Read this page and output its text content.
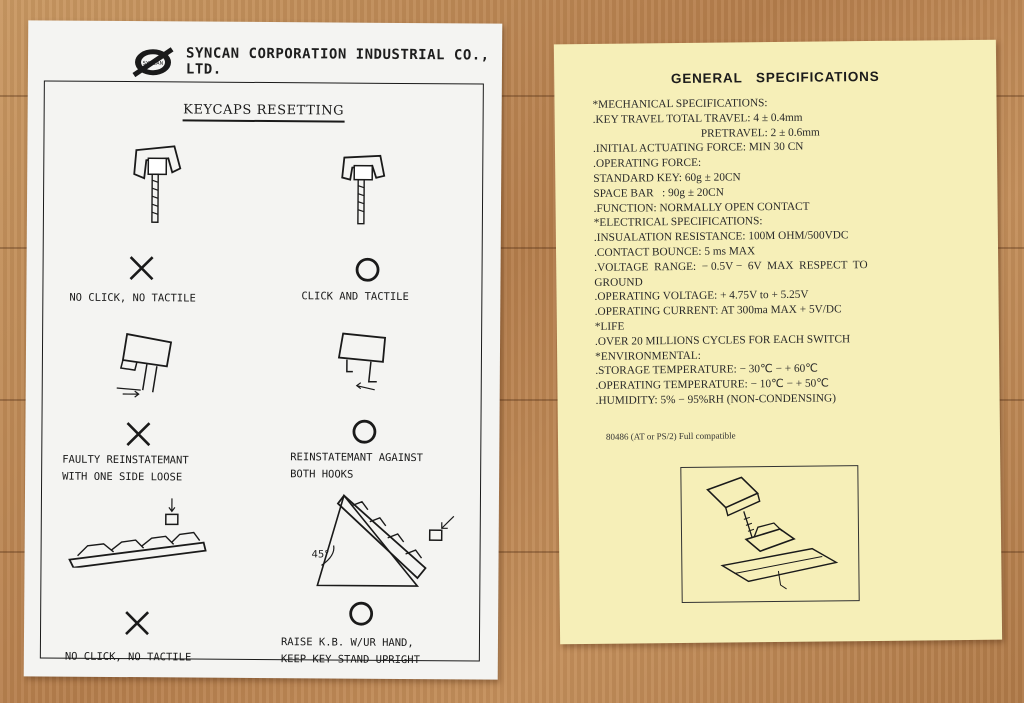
SYNCAN
SYNCAN CORPORATION INDUSTRIAL CO., LTD.
KEYCAPS RESETTING
NO CLICK, NO TACTILE	CLICK AND TACTILE
FAULTY REINSTATEMANT
WITH ONE SIDE LOOSE
REINSTATEMANT AGAINST
BOTH HOOKS
45°
NO CLICK, NO TACTILE
RAISE K.B. W/UR HAND,
KEEP KEY STAND UPRIGHT
GENERAL   SPECIFICATIONS
*MECHANICAL SPECIFICATIONS:
.KEY TRAVEL TOTAL TRAVEL: 4 ± 0.4mm
PRETRAVEL: 2 ± 0.6mm
.INITIAL ACTUATING FORCE: MIN 30 CN
.OPERATING FORCE:
STANDARD KEY: 60g ± 20CN
SPACE BAR   : 90g ± 20CN
.FUNCTION: NORMALLY OPEN CONTACT
*ELECTRICAL SPECIFICATIONS:
.INSUALATION RESISTANCE: 100M OHM/500VDC
.CONTACT BOUNCE: 5 ms MAX
.VOLTAGE  RANGE:  − 0.5V −  6V  MAX  RESPECT  TO
GROUND
.OPERATING VOLTAGE: + 4.75V to + 5.25V
.OPERATING CURRENT: AT 300ma MAX + 5V/DC
*LIFE
.OVER 20 MILLIONS CYCLES FOR EACH SWITCH
*ENVIRONMENTAL:
.STORAGE TEMPERATURE: − 30℃ − + 60℃
.OPERATING TEMPERATURE: − 10℃ − + 50℃
.HUMIDITY: 5% − 95%RH (NON-CONDENSING)
80486 (AT or PS/2) Full compatible
